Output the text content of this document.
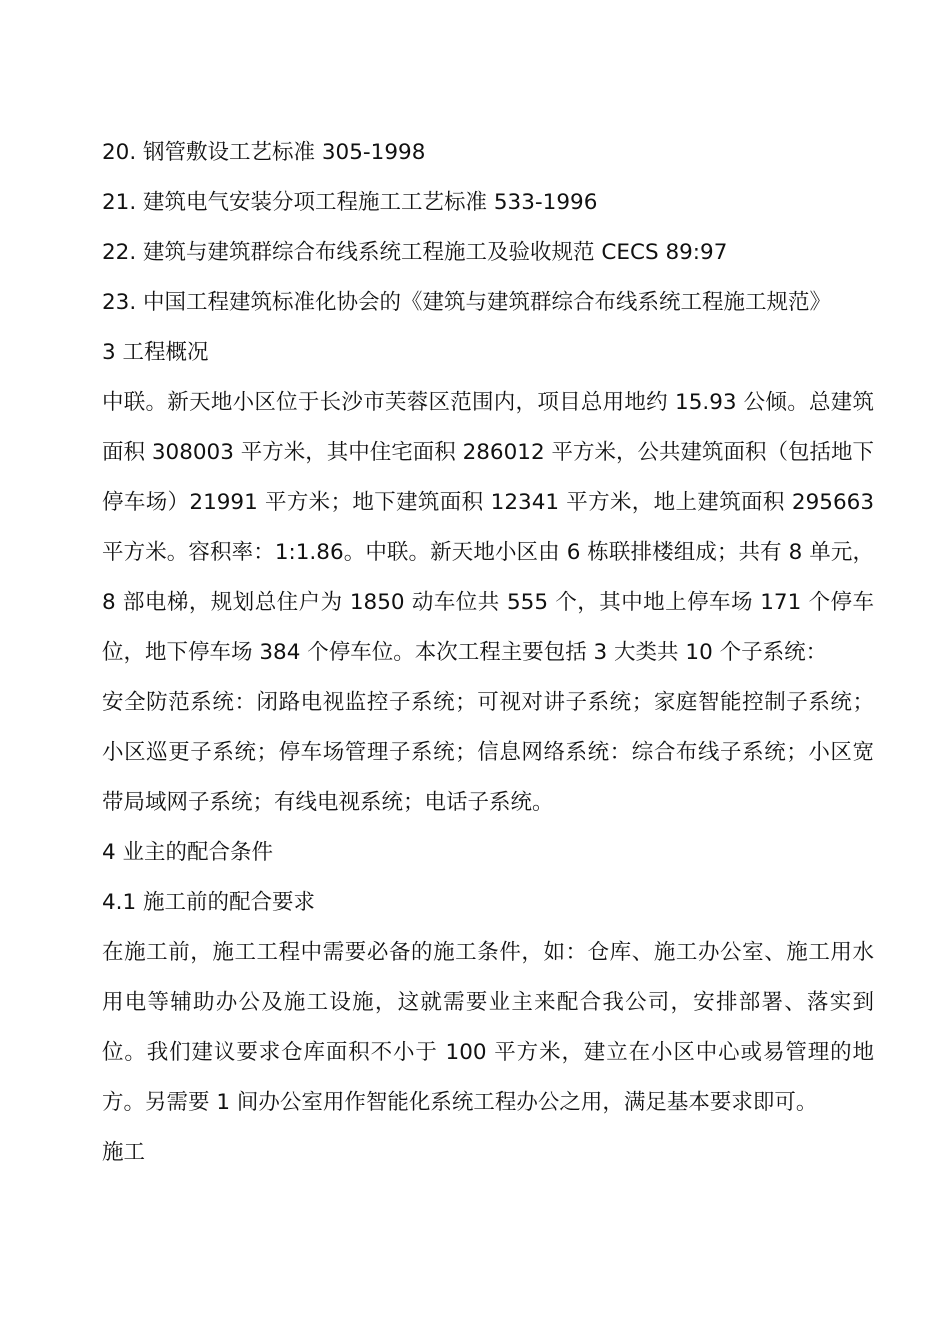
20. 钢管敷设工艺标准 305-1998

21. 建筑电气安装分项工程施工工艺标准 533-1996

22. 建筑与建筑群综合布线系统工程施工及验收规范 CECS 89:97

23. 中国工程建筑标准化协会的《建筑与建筑群综合布线系统工程施工规范》

3 工程概况

中联。新天地小区位于长沙市芙蓉区范围内，项目总用地约 15.93 公倾。总建筑面积 308003 平方米，其中住宅面积 286012 平方米，公共建筑面积（包括地下停车场）21991 平方米；地下建筑面积 12341 平方米，地上建筑面积 295663 平方米。容积率：1:1.86。中联。新天地小区由 6 栋联排楼组成；共有 8 单元，8 部电梯，规划总住户为 1850 动车位共 555 个，其中地上停车场 171 个停车位，地下停车场 384 个停车位。本次工程主要包括 3 大类共 10 个子系统：

安全防范系统：闭路电视监控子系统；可视对讲子系统；家庭智能控制子系统；小区巡更子系统；停车场管理子系统；信息网络系统：综合布线子系统；小区宽带局域网子系统；有线电视系统；电话子系统。

4 业主的配合条件

4.1 施工前的配合要求

在施工前，施工工程中需要必备的施工条件，如：仓库、施工办公室、施工用水用电等辅助办公及施工设施，这就需要业主来配合我公司，安排部署、落实到位。我们建议要求仓库面积不小于 100 平方米，建立在小区中心或易管理的地方。另需要 1 间办公室用作智能化系统工程办公之用，满足基本要求即可。

施工
